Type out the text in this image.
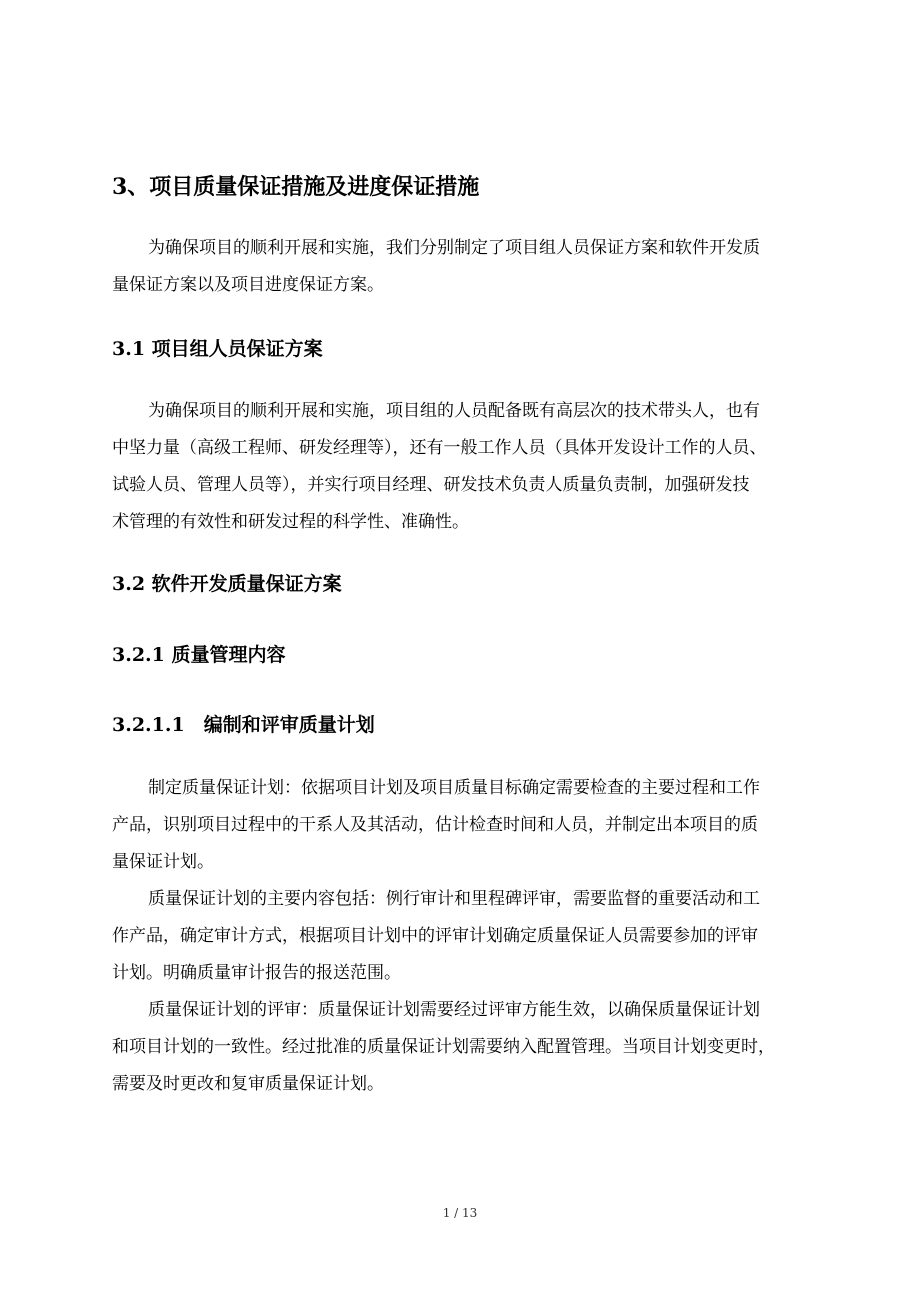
3、项目质量保证措施及进度保证措施
为确保项目的顺利开展和实施，我们分别制定了项目组人员保证方案和软件开发质
量保证方案以及项目进度保证方案。
3.1 项目组人员保证方案
为确保项目的顺利开展和实施，项目组的人员配备既有高层次的技术带头人，也有
中坚力量（高级工程师、研发经理等），还有一般工作人员（具体开发设计工作的人员、
试验人员、管理人员等），并实行项目经理、研发技术负责人质量负责制，加强研发技
术管理的有效性和研发过程的科学性、准确性。
3.2 软件开发质量保证方案
3.2.1 质量管理内容
3.2.1.1　编制和评审质量计划
制定质量保证计划：依据项目计划及项目质量目标确定需要检查的主要过程和工作
产品，识别项目过程中的干系人及其活动，估计检查时间和人员，并制定出本项目的质
量保证计划。
质量保证计划的主要内容包括：例行审计和里程碑评审，需要监督的重要活动和工
作产品，确定审计方式，根据项目计划中的评审计划确定质量保证人员需要参加的评审
计划。明确质量审计报告的报送范围。
质量保证计划的评审：质量保证计划需要经过评审方能生效，以确保质量保证计划
和项目计划的一致性。经过批准的质量保证计划需要纳入配置管理。当项目计划变更时，
需要及时更改和复审质量保证计划。
1 / 13
